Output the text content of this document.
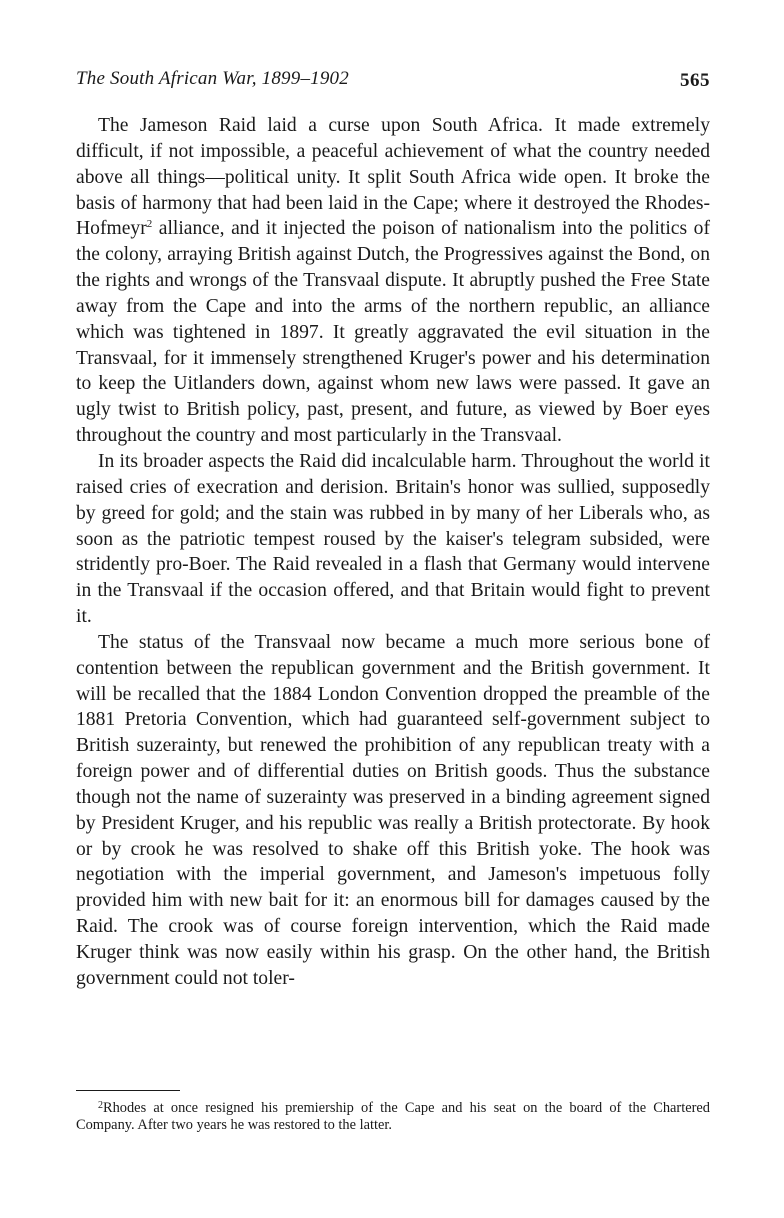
The South African War, 1899–1902	565

The Jameson Raid laid a curse upon South Africa. It made extremely difficult, if not impossible, a peaceful achievement of what the country needed above all things—political unity. It split South Africa wide open. It broke the basis of harmony that had been laid in the Cape; where it destroyed the Rhodes-Hofmeyr$^2$ alliance, and it injected the poison of nationalism into the politics of the colony, arraying British against Dutch, the Progressives against the Bond, on the rights and wrongs of the Transvaal dispute. It abruptly pushed the Free State away from the Cape and into the arms of the northern republic, an alliance which was tightened in 1897. It greatly aggravated the evil situation in the Transvaal, for it immensely strengthened Kruger's power and his determination to keep the Uitlanders down, against whom new laws were passed. It gave an ugly twist to British policy, past, present, and future, as viewed by Boer eyes throughout the country and most particularly in the Transvaal.

In its broader aspects the Raid did incalculable harm. Throughout the world it raised cries of execration and derision. Britain's honor was sullied, supposedly by greed for gold; and the stain was rubbed in by many of her Liberals who, as soon as the patriotic tempest roused by the kaiser's telegram subsided, were stridently pro-Boer. The Raid revealed in a flash that Germany would intervene in the Transvaal if the occasion offered, and that Britain would fight to prevent it.

The status of the Transvaal now became a much more serious bone of contention between the republican government and the British government. It will be recalled that the 1884 London Convention dropped the preamble of the 1881 Pretoria Convention, which had guaranteed self-government subject to British suzerainty, but renewed the prohibition of any republican treaty with a foreign power and of differential duties on British goods. Thus the substance though not the name of suzerainty was preserved in a binding agreement signed by President Kruger, and his republic was really a British protectorate. By hook or by crook he was resolved to shake off this British yoke. The hook was negotiation with the imperial government, and Jameson's impetuous folly provided him with new bait for it: an enormous bill for damages caused by the Raid. The crook was of course foreign intervention, which the Raid made Kruger think was now easily within his grasp. On the other hand, the British government could not toler-

$^2$Rhodes at once resigned his premiership of the Cape and his seat on the board of the Chartered Company. After two years he was restored to the latter.
